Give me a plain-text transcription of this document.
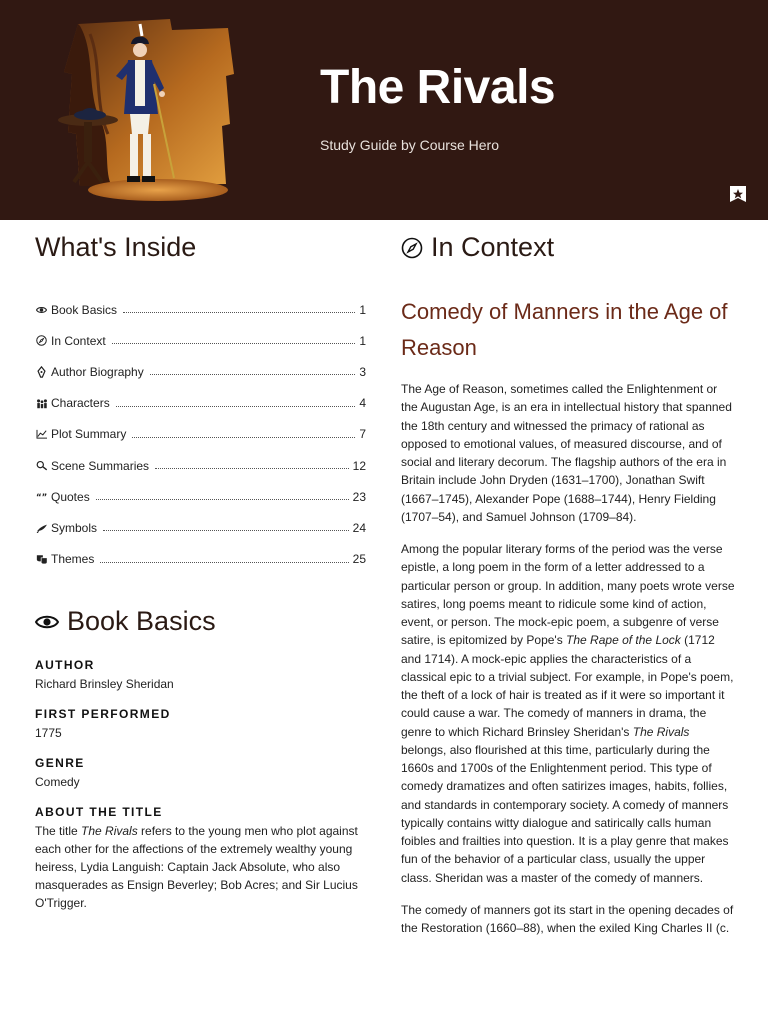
The Rivals
Study Guide by Course Hero
What's Inside
Book Basics	1
In Context	1
Author Biography	3
Characters	4
Plot Summary	7
Scene Summaries	12
“” Quotes	23
Symbols	24
Themes	25
Book Basics
AUTHOR
Richard Brinsley Sheridan
FIRST PERFORMED
1775
GENRE
Comedy
ABOUT THE TITLE
The title The Rivals refers to the young men who plot against each other for the affections of the extremely wealthy young heiress, Lydia Languish: Captain Jack Absolute, who also masquerades as Ensign Beverley; Bob Acres; and Sir Lucius O'Trigger.
In Context
Comedy of Manners in the Age of Reason

The Age of Reason, sometimes called the Enlightenment or the Augustan Age, is an era in intellectual history that spanned the 18th century and witnessed the primacy of rational as opposed to emotional values, of measured discourse, and of social and literary decorum. The flagship authors of the era in Britain include John Dryden (1631–1700), Jonathan Swift (1667–1745), Alexander Pope (1688–1744), Henry Fielding (1707–54), and Samuel Johnson (1709–84).

Among the popular literary forms of the period was the verse epistle, a long poem in the form of a letter addressed to a particular person or group. In addition, many poets wrote verse satires, long poems meant to ridicule some kind of action, event, or person. The mock-epic poem, a subgenre of verse satire, is epitomized by Pope's The Rape of the Lock (1712 and 1714). A mock-epic applies the characteristics of a classical epic to a trivial subject. For example, in Pope's poem, the theft of a lock of hair is treated as if it were so important it could cause a war. The comedy of manners in drama, the genre to which Richard Brinsley Sheridan's The Rivals belongs, also flourished at this time, particularly during the 1660s and 1700s of the Enlightenment period. This type of comedy dramatizes and often satirizes images, habits, follies, and standards in contemporary society. A comedy of manners typically contains witty dialogue and satirically calls human foibles and frailties into question. It is a play genre that makes fun of the behavior of a particular class, usually the upper class. Sheridan was a master of the comedy of manners.

The comedy of manners got its start in the opening decades of the Restoration (1660–88), when the exiled King Charles II (c.
